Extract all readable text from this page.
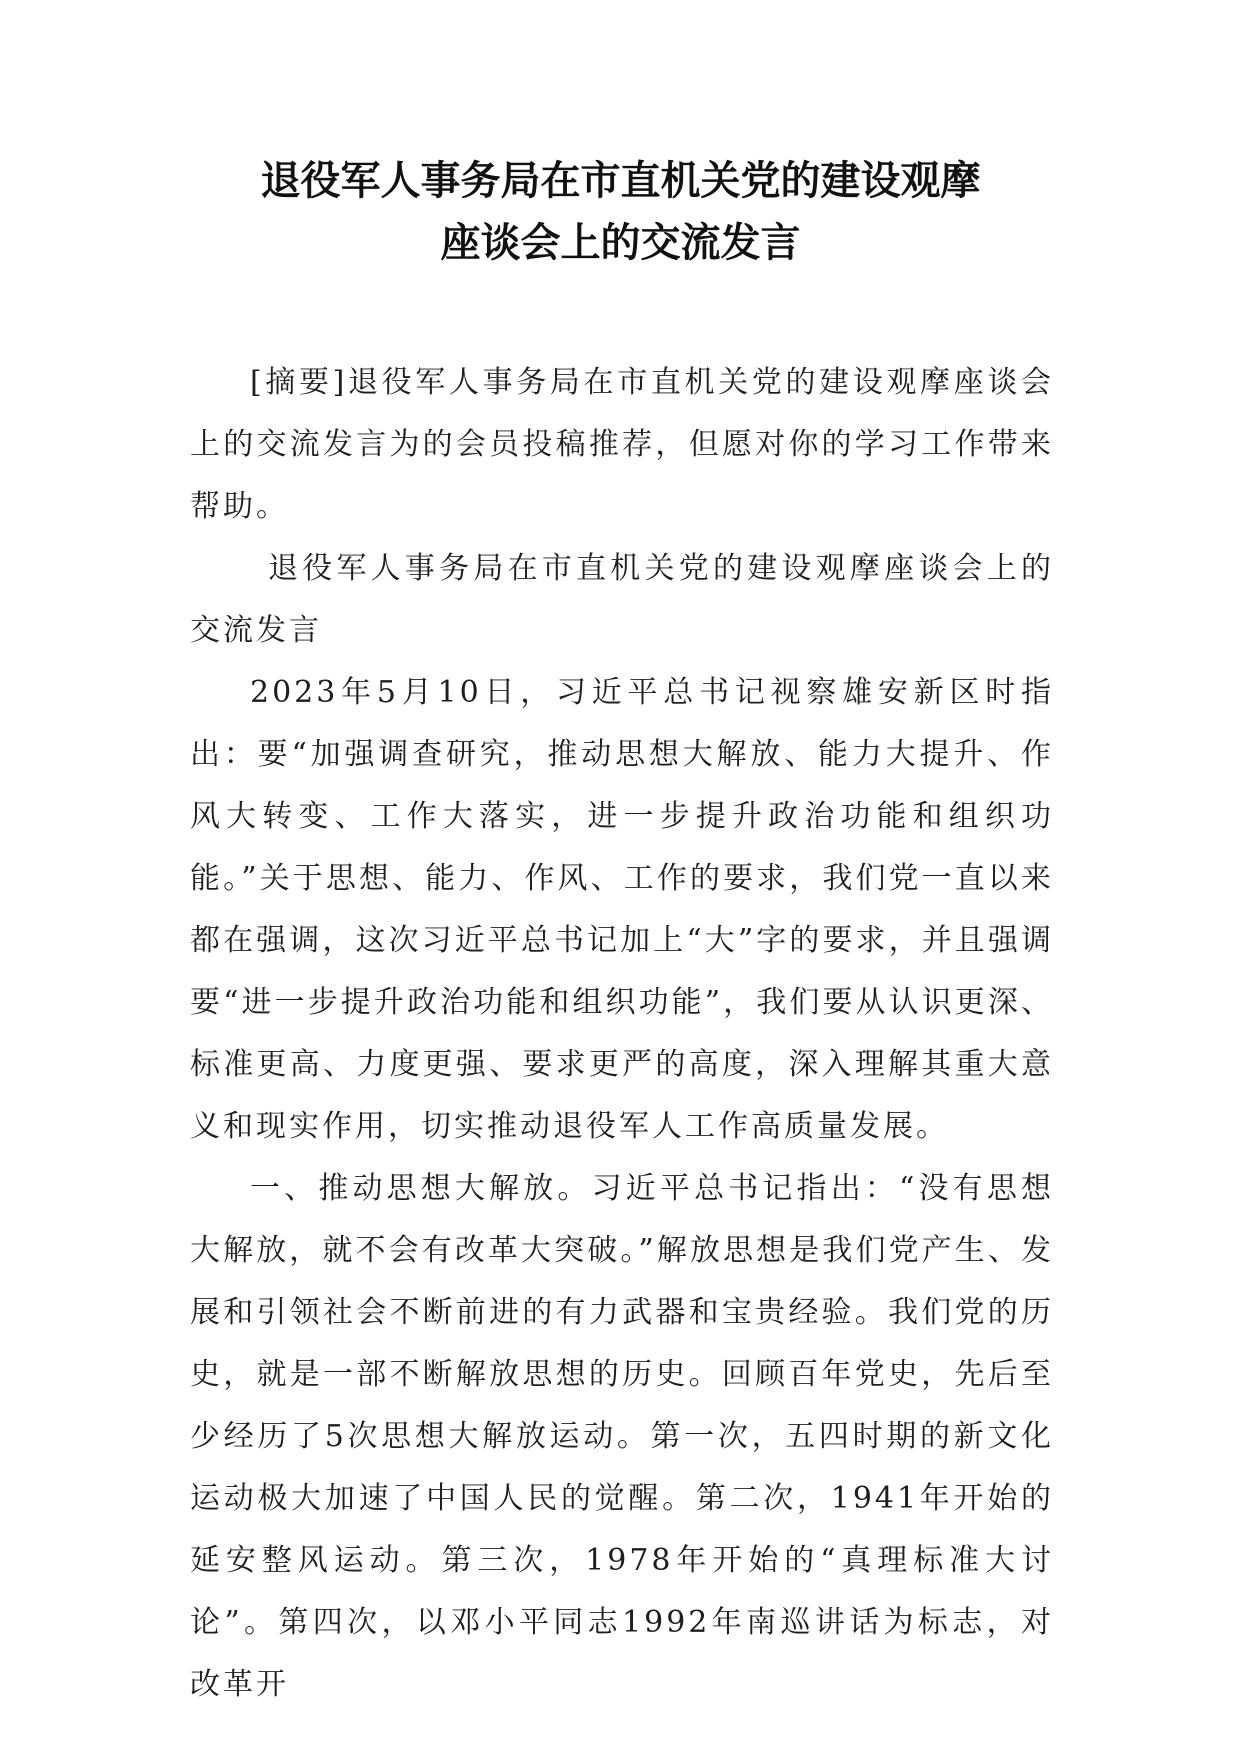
退役军人事务局在市直机关党的建设观摩
座谈会上的交流发言

[摘要]退役军人事务局在市直机关党的建设观摩座谈会上的交流发言为的会员投稿推荐，但愿对你的学习工作带来帮助。

退役军人事务局在市直机关党的建设观摩座谈会上的交流发言

2023年5月10日，习近平总书记视察雄安新区时指出：要“加强调查研究，推动思想大解放、能力大提升、作风大转变、工作大落实，进一步提升政治功能和组织功能。”关于思想、能力、作风、工作的要求，我们党一直以来都在强调，这次习近平总书记加上“大”字的要求，并且强调要“进一步提升政治功能和组织功能”，我们要从认识更深、标准更高、力度更强、要求更严的高度，深入理解其重大意义和现实作用，切实推动退役军人工作高质量发展。

一、推动思想大解放。习近平总书记指出：“没有思想大解放，就不会有改革大突破。”解放思想是我们党产生、发展和引领社会不断前进的有力武器和宝贵经验。我们党的历史，就是一部不断解放思想的历史。回顾百年党史，先后至少经历了5次思想大解放运动。第一次，五四时期的新文化运动极大加速了中国人民的觉醒。第二次，1941年开始的延安整风运动。第三次，1978年开始的“真理标准大讨论”。第四次，以邓小平同志1992年南巡讲话为标志，对改革开
